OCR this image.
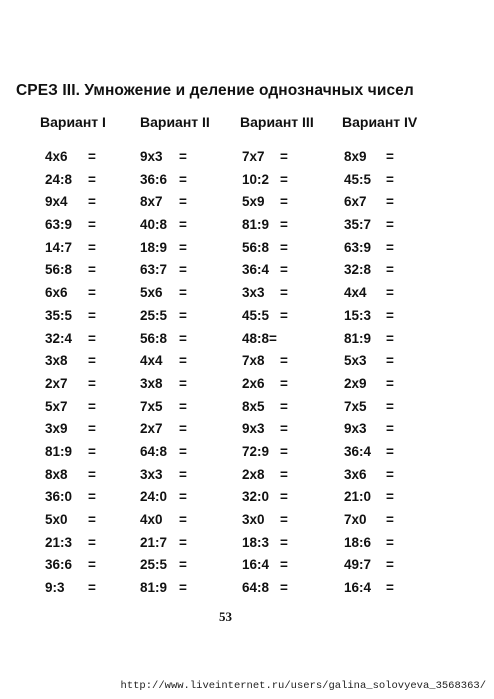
СРЕЗ III. Умножение и деление однозначных чисел
Вариант I Вариант II Вариант III Вариант IV
4x6 =
24:8 =
9x4 =
63:9 =
14:7 =
56:8 =
6x6 =
35:5 =
32:4 =
3x8 =
2x7 =
5x7 =
3x9 =
81:9 =
8x8 =
36:0 =
5x0 =
21:3 =
36:6 =
9:3 =
9x3 =
36:6 =
8x7 =
40:8 =
18:9 =
63:7 =
5x6 =
25:5 =
56:8 =
4x4 =
3x8 =
7x5 =
2x7 =
64:8 =
3x3 =
24:0 =
4x0 =
21:7 =
25:5 =
81:9 =
7x7 =
10:2 =
5x9 =
81:9 =
56:8 =
36:4 =
3x3 =
45:5 =
48:8=
7x8 =
2x6 =
8x5 =
9x3 =
72:9 =
2x8 =
32:0 =
3x0 =
18:3 =
16:4 =
64:8 =
8x9 =
45:5 =
6x7 =
35:7 =
63:9 =
32:8 =
4x4 =
15:3 =
81:9 =
5x3 =
2x9 =
7x5 =
9x3 =
36:4 =
3x6 =
21:0 =
7x0 =
18:6 =
49:7 =
16:4 =
53
http://www.liveinternet.ru/users/galina_solovyeva_3568363/
